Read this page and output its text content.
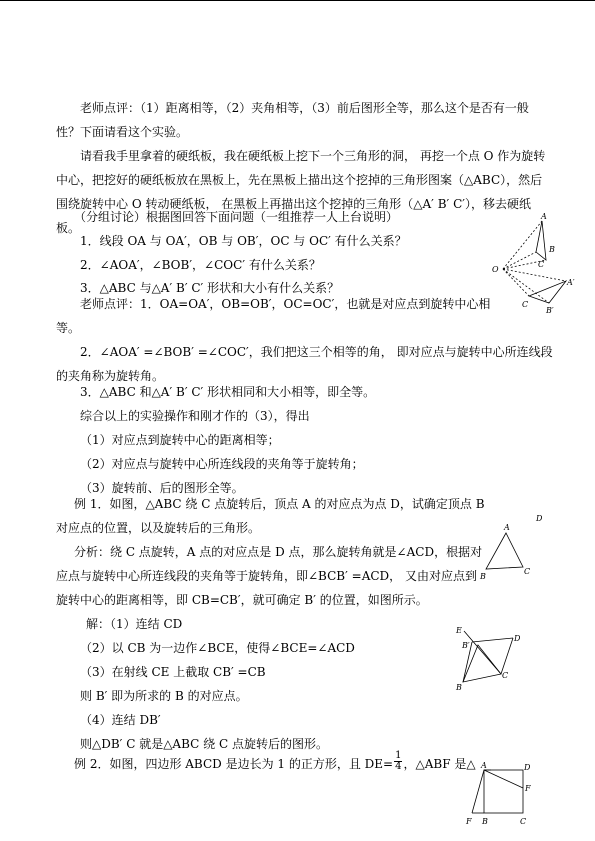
老师点评：（1）距离相等，（2）夹角相等，（3）前后图形全等，那么这个是否有一般
性？下面请看这个实验。
请看我手里拿着的硬纸板，我在硬纸板上挖下一个三角形的洞， 再挖一个点 O 作为旋转
中心，把挖好的硬纸板放在黑板上，先在黑板上描出这个挖掉的三角形图案（△ABC），然后
围绕旋转中心 O 转动硬纸板， 在黑板上再描出这个挖掉的三角形（△A′ B′ C′），移去硬纸
板。
（分组讨论）根据图回答下面问题（一组推荐一人上台说明）
1．线段 OA 与 OA′，OB 与 OB′，OC 与 OC′ 有什么关系？
2．∠AOA′，∠BOB′，∠COC′ 有什么关系？
3．△ABC 与△A′ B′ C′ 形状和大小有什么关系？
老师点评：1．OA=OA′，OB=OB′，OC=OC′，也就是对应点到旋转中心相
等。
2．∠AOA′ =∠BOB′ =∠COC′，我们把这三个相等的角， 即对应点与旋转中心所连线段
的夹角称为旋转角。
3．△ABC 和△A′ B′ C′ 形状相同和大小相等，即全等。
综合以上的实验操作和刚才作的（3），得出
（1）对应点到旋转中心的距离相等；
（2）对应点与旋转中心所连线段的夹角等于旋转角；
（3）旋转前、后的图形全等。
例 1．如图，△ABC 绕 C 点旋转后，顶点 A 的对应点为点 D，试确定顶点 B
对应点的位置，以及旋转后的三角形。
分析：绕 C 点旋转，A 点的对应点是 D 点，那么旋转角就是∠ACD，根据对
应点与旋转中心所连线段的夹角等于旋转角，即∠BCB′ =ACD， 又由对应点到
旋转中心的距离相等，即 CB=CB′，就可确定 B′ 的位置，如图所示。
解：（1）连结 CD
（2）以 CB 为一边作∠BCE，使得∠BCE=∠ACD
（3）在射线 CE 上截取 CB′ =CB
则 B′ 即为所求的 B 的对应点。
（4）连结 DB′
则△DB′ C 就是△ABC 绕 C 点旋转后的图形。
例 2．如图，四边形 ABCD 是边长为 1 的正方形，且 $DE= \frac{1}{4}$ ，△ABF 是△
A
B
C
O
A′
C
B′
A
B
C
D
E
D
B′
C
B
A	D
F
F B	C
